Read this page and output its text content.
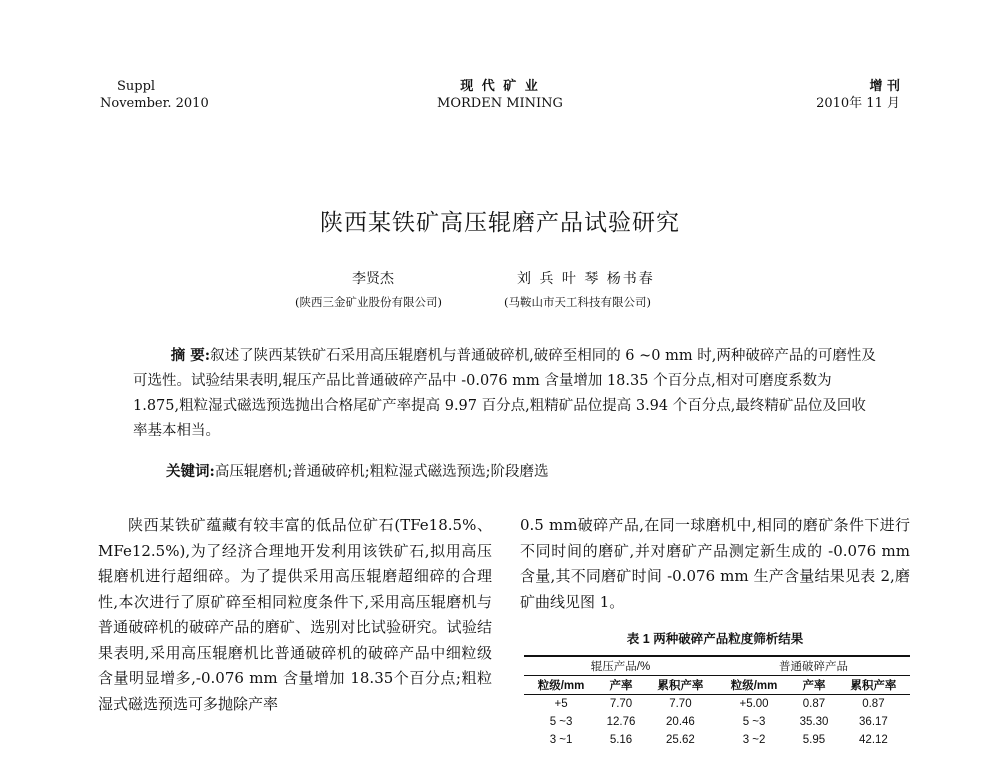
Suppl
November. 2010
现 代 矿 业
MORDEN MINING
增 刊
2010年 11 月
陕西某铁矿高压辊磨产品试验研究
李贤杰	刘 兵 叶 琴 杨书春
(陕西三金矿业股份有限公司)	(马鞍山市天工科技有限公司)
摘 要:叙述了陕西某铁矿石采用高压辊磨机与普通破碎机,破碎至相同的 6 ~0 mm 时,两种破碎产品的可磨性及可选性。试验结果表明,辊压产品比普通破碎产品中 -0.076 mm 含量增加 18.35 个百分点,相对可磨度系数为 1.875,粗粒湿式磁选预选抛出合格尾矿产率提高 9.97 百分点,粗精矿品位提高 3.94 个百分点,最终精矿品位及回收率基本相当。
关键词:高压辊磨机;普通破碎机;粗粒湿式磁选预选;阶段磨选

陕西某铁矿蕴藏有较丰富的低品位矿石(TFe18.5%、MFe12.5%),为了经济合理地开发利用该铁矿石,拟用高压辊磨机进行超细碎。为了提供采用高压辊磨超细碎的合理性,本次进行了原矿碎至相同粒度条件下,采用高压辊磨机与普通破碎机的破碎产品的磨矿、选别对比试验研究。试验结果表明,采用高压辊磨机比普通破碎机的破碎产品中细粒级含量明显增多,-0.076 mm 含量增加 18.35个百分点;粗粒湿式磁选预选可多抛除产率

0.5 mm破碎产品,在同一球磨机中,相同的磨矿条件下进行不同时间的磨矿,并对磨矿产品测定新生成的 -0.076 mm 含量,其不同磨矿时间 -0.076 mm 生产含量结果见表 2,磨矿曲线见图 1。

表 1 两种破碎产品粒度筛析结果
辊压产品/%			普通破碎产品		
粒级/mm	产率	累积产率	粒级/mm	产率	累积产率
+5	7.70	7.70	+5.00	0.87	0.87
5 ~3	12.76	20.46	5 ~3	35.30	36.17
3 ~1	5.16	25.62	3 ~2	5.95	42.12
